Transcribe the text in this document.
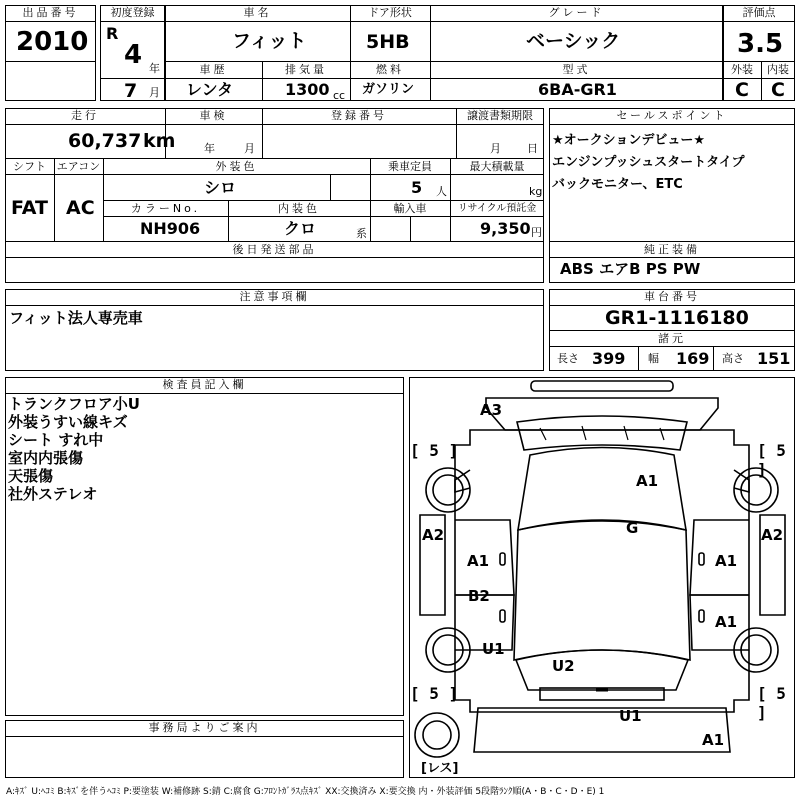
出品番号
2010
初度登録
R
4 年
7 月
車名
フィット
ドア形状
5HB
グレード
ベーシック
車歴
レンタ
排気量
1300 cc
燃料
ガソリン
型式
6BA-GR1
評価点
3.5
外装	内装
C C
走行
60,737 km
車検
年	月
登録番号	譲渡書類期限
月 日
シフト
FAT
エアコン
AC
外装色
シロ
乗車定員
5 人
最大積載量
kg
カラーNo.
NH906
内装色
クロ	系
輸入車	リサイクル預託金
9,350 円
後日発送部品
セールスポイント
★オークションデビュー★
エンジンプッシュスタートタイプ
バックモニター、ETC
純正装備
ABS エアB PS PW
注意事項欄
フィット法人専売車
車台番号
GR1-1116180
諸元
長さ 399 幅 169 高さ 151
検査員記入欄
トランクフロア小U
外装うすい線キズ
シート すれ中
室内内張傷
天張傷
社外ステレオ
事務局よりご案内
[ 5 ]	[ 5 ]
[ 5 ]	[ 5 ]
A3
A1
G
A2	A2
A1	A1
B2
A1
U1
U2
U1
A1
[レス]
A:ｷｽﾞ U:ﾍｺﾐ B:ｷｽﾞを伴うﾍｺﾐ P:要塗装 W:補修跡 S:錆 C:腐食 G:ﾌﾛﾝﾄｶﾞﾗｽ点ｷｽﾞ XX:交換済み X:要交換 内・外装評価 5段階ﾗﾝｸ順(A・B・C・D・E) 1
